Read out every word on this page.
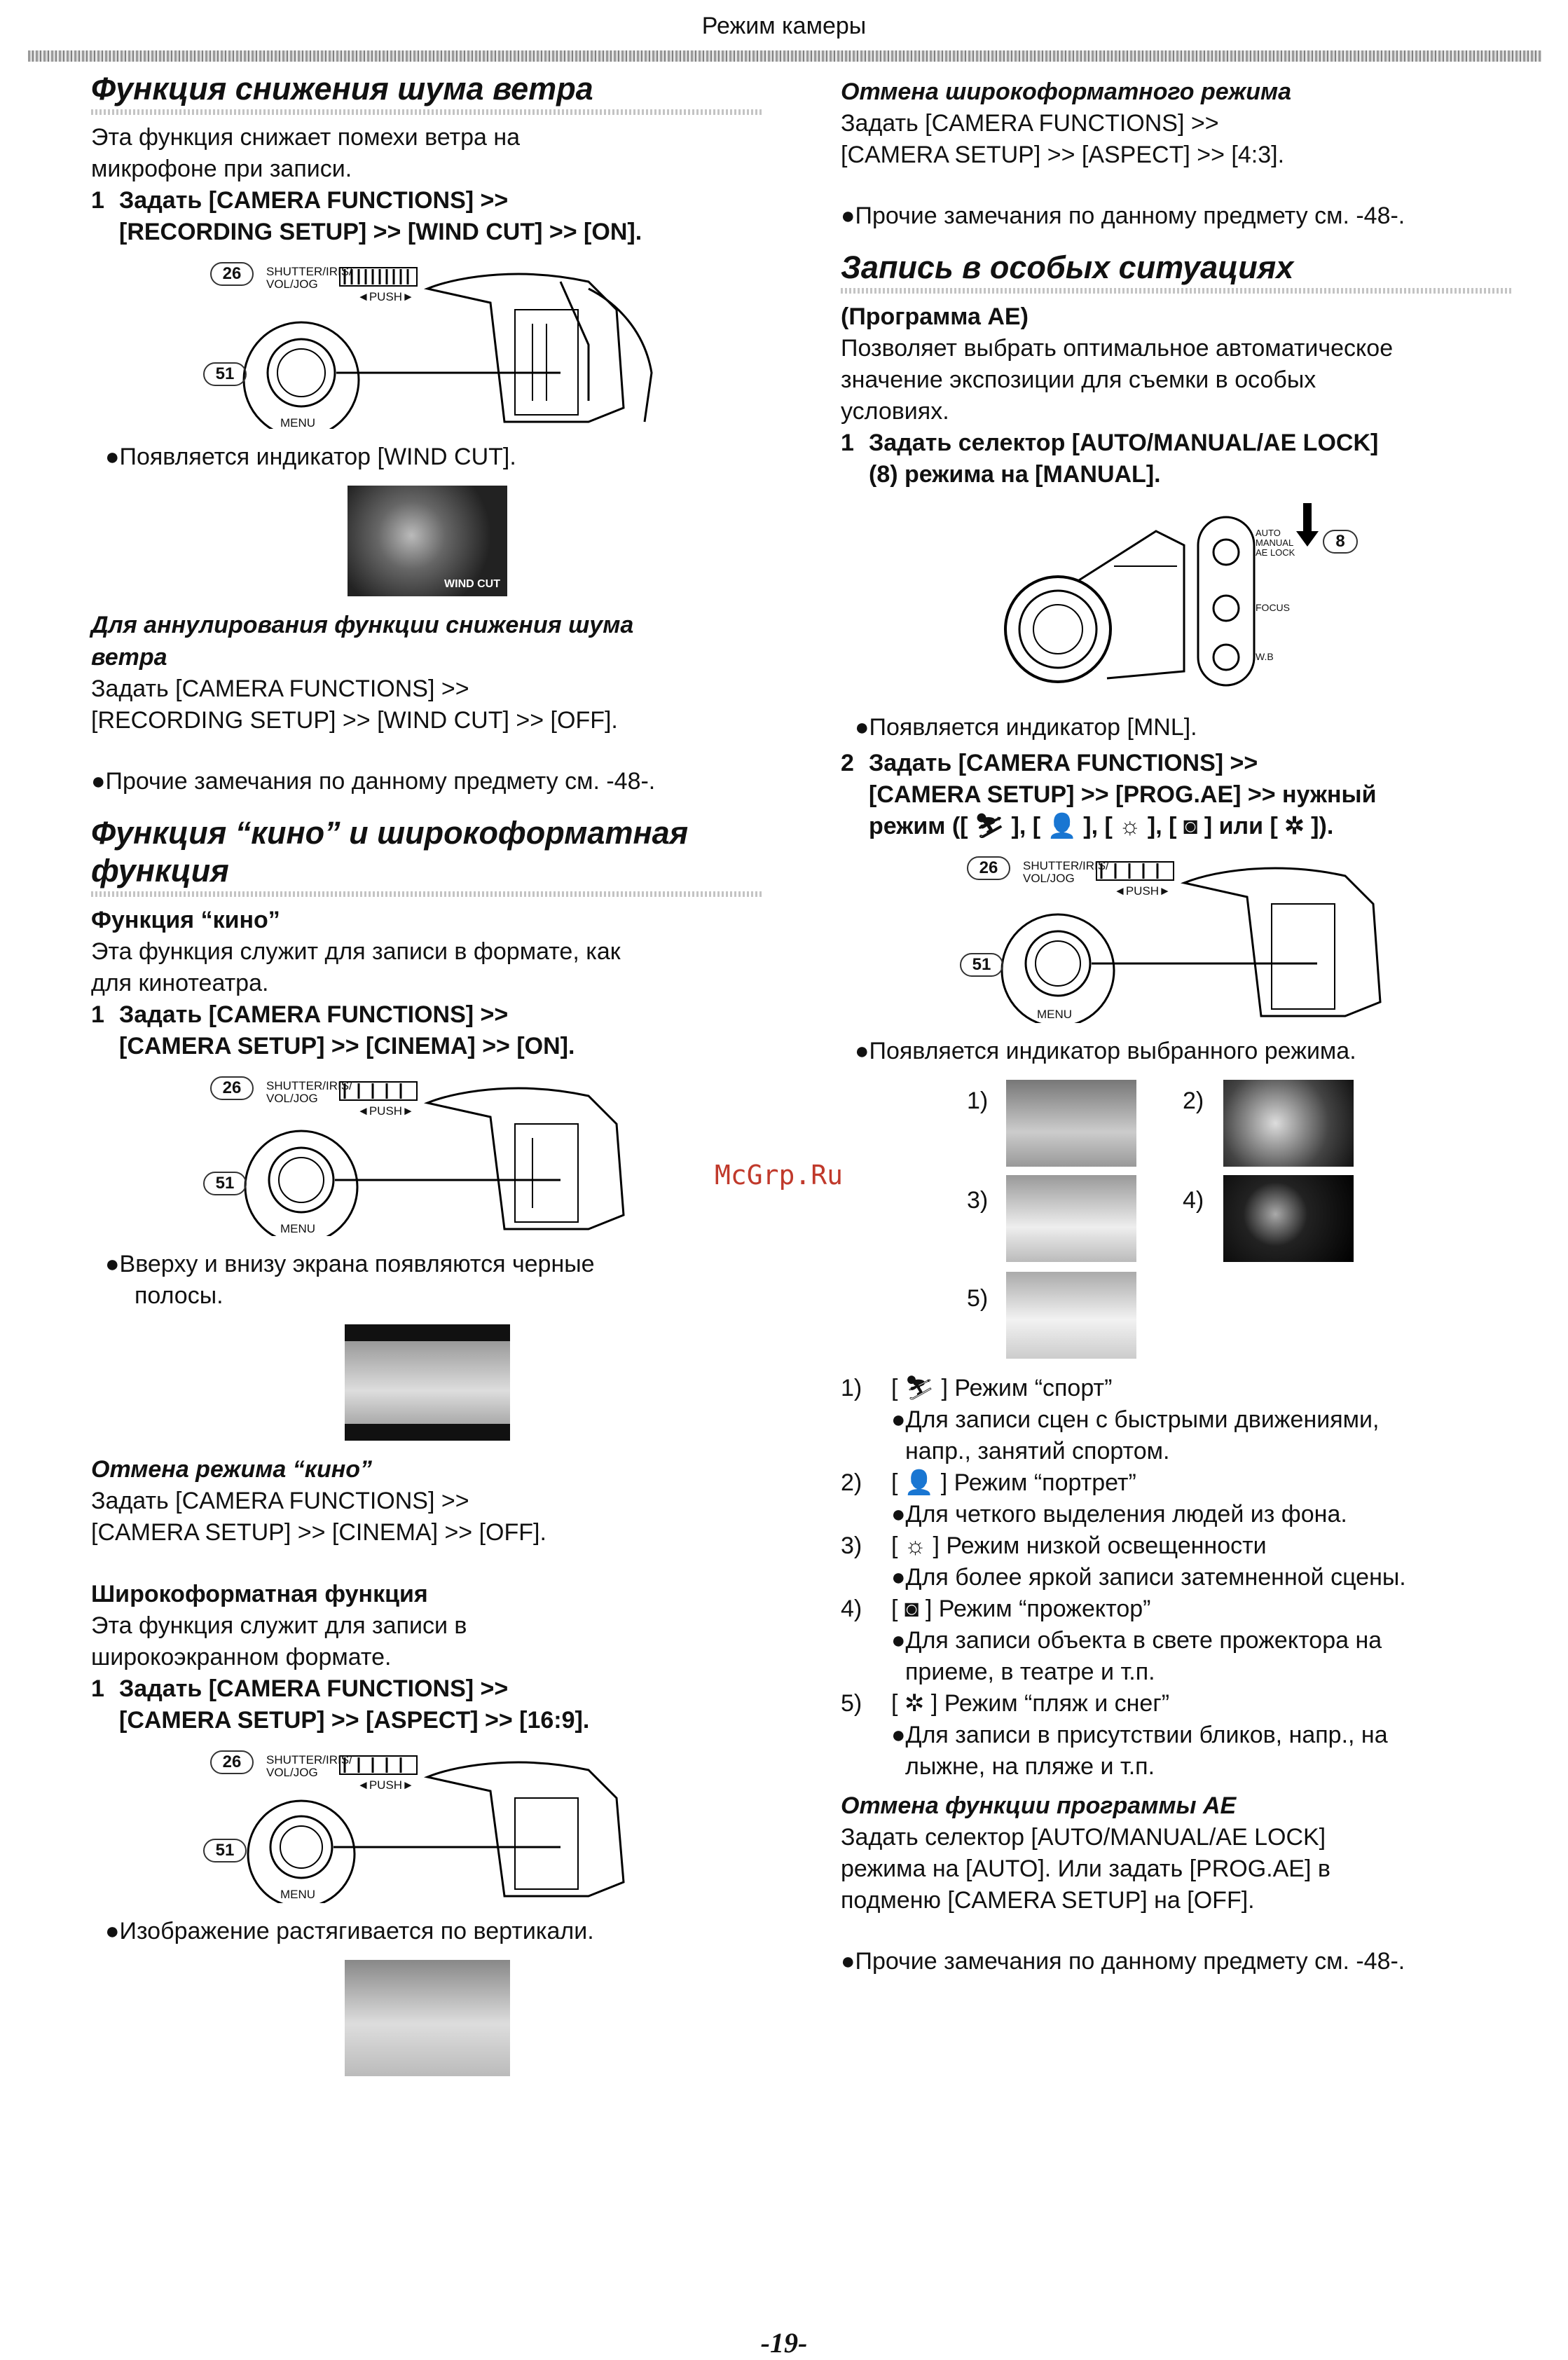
Режим камеры
Функция снижения шума ветра

Эта функция снижает помехи ветра на

микрофоне при записи.

1 Задать [CAMERA FUNCTIONS] >>
[RECORDING SETUP] >> [WIND CUT] >> [ON].
26
51
SHUTTER/IRIS/
VOL/JOG
◄PUSH►
MENU
●Появляется индикатор [WIND CUT].
WIND CUT
Для аннулирования функции снижения шума
ветра

Задать [CAMERA FUNCTIONS] >>

[RECORDING SETUP] >> [WIND CUT] >> [OFF].

●Прочие замечания по данному предмету см. -48-.
Функция “кино” и широкоформатная
функция
Функция “кино”

Эта функция служит для записи в формате, как

для кинотеатра.

1 Задать [CAMERA FUNCTIONS] >>
[CAMERA SETUP] >> [CINEMA] >> [ON].
26
51
SHUTTER/IRIS/
VOL/JOG
◄PUSH►
MENU
●Вверху и внизу экрана появляются черные
полосы.
Отмена режима “кино”

Задать [CAMERA FUNCTIONS] >>

[CAMERA SETUP] >> [CINEMA] >> [OFF].

Широкоформатная функция

Эта функция служит для записи в

широкоэкранном формате.

1 Задать [CAMERA FUNCTIONS] >>
[CAMERA SETUP] >> [ASPECT] >> [16:9].
26
51
SHUTTER/IRIS/
VOL/JOG
◄PUSH►
MENU
●Изображение растягивается по вертикали.
Отмена широкоформатного режима

Задать [CAMERA FUNCTIONS] >>

[CAMERA SETUP] >> [ASPECT] >> [4:3].

●Прочие замечания по данному предмету см. -48-.
Запись в особых ситуациях
(Программа AE)

Позволяет выбрать оптимальное автоматическое

значение экспозиции для съемки в особых

условиях.

1 Задать селектор [AUTO/MANUAL/AE LOCK]
(8) режима на [MANUAL].
AUTO
MANUAL
AE LOCK
FOCUS
W.B
8
●Появляется индикатор [MNL].
2 Задать [CAMERA FUNCTIONS] >>
[CAMERA SETUP] >> [PROG.AE] >> нужный
режим ([ ⛷ ], [ 👤 ], [ ☼ ], [ ◙ ] или [ ✲ ]).
26
51
SHUTTER/IRIS/
VOL/JOG
◄PUSH►
MENU
●Появляется индикатор выбранного режима.
1)	2)
3)	4)
5)
1)	[ ⛷ ] Режим “спорт”
●Для записи сцен с быстрыми движениями,
напр., занятий спортом.
2)	[ 👤 ] Режим “портрет”
●Для четкого выделения людей из фона.
3)	[ ☼ ] Режим низкой освещенности
●Для более яркой записи затемненной сцены.
4)	[ ◙ ] Режим “прожектор”
●Для записи объекта в свете прожектора на
приеме, в театре и т.п.
5)	[ ✲ ] Режим “пляж и снег”
●Для записи в присутствии бликов, напр., на
лыжне, на пляже и т.п.
Отмена функции программы AE

Задать селектор [AUTO/MANUAL/AE LOCK]

режима на [AUTO]. Или задать [PROG.AE] в

подменю [CAMERA SETUP] на [OFF].

●Прочие замечания по данному предмету см. -48-.
McGrp.Ru
-19-
